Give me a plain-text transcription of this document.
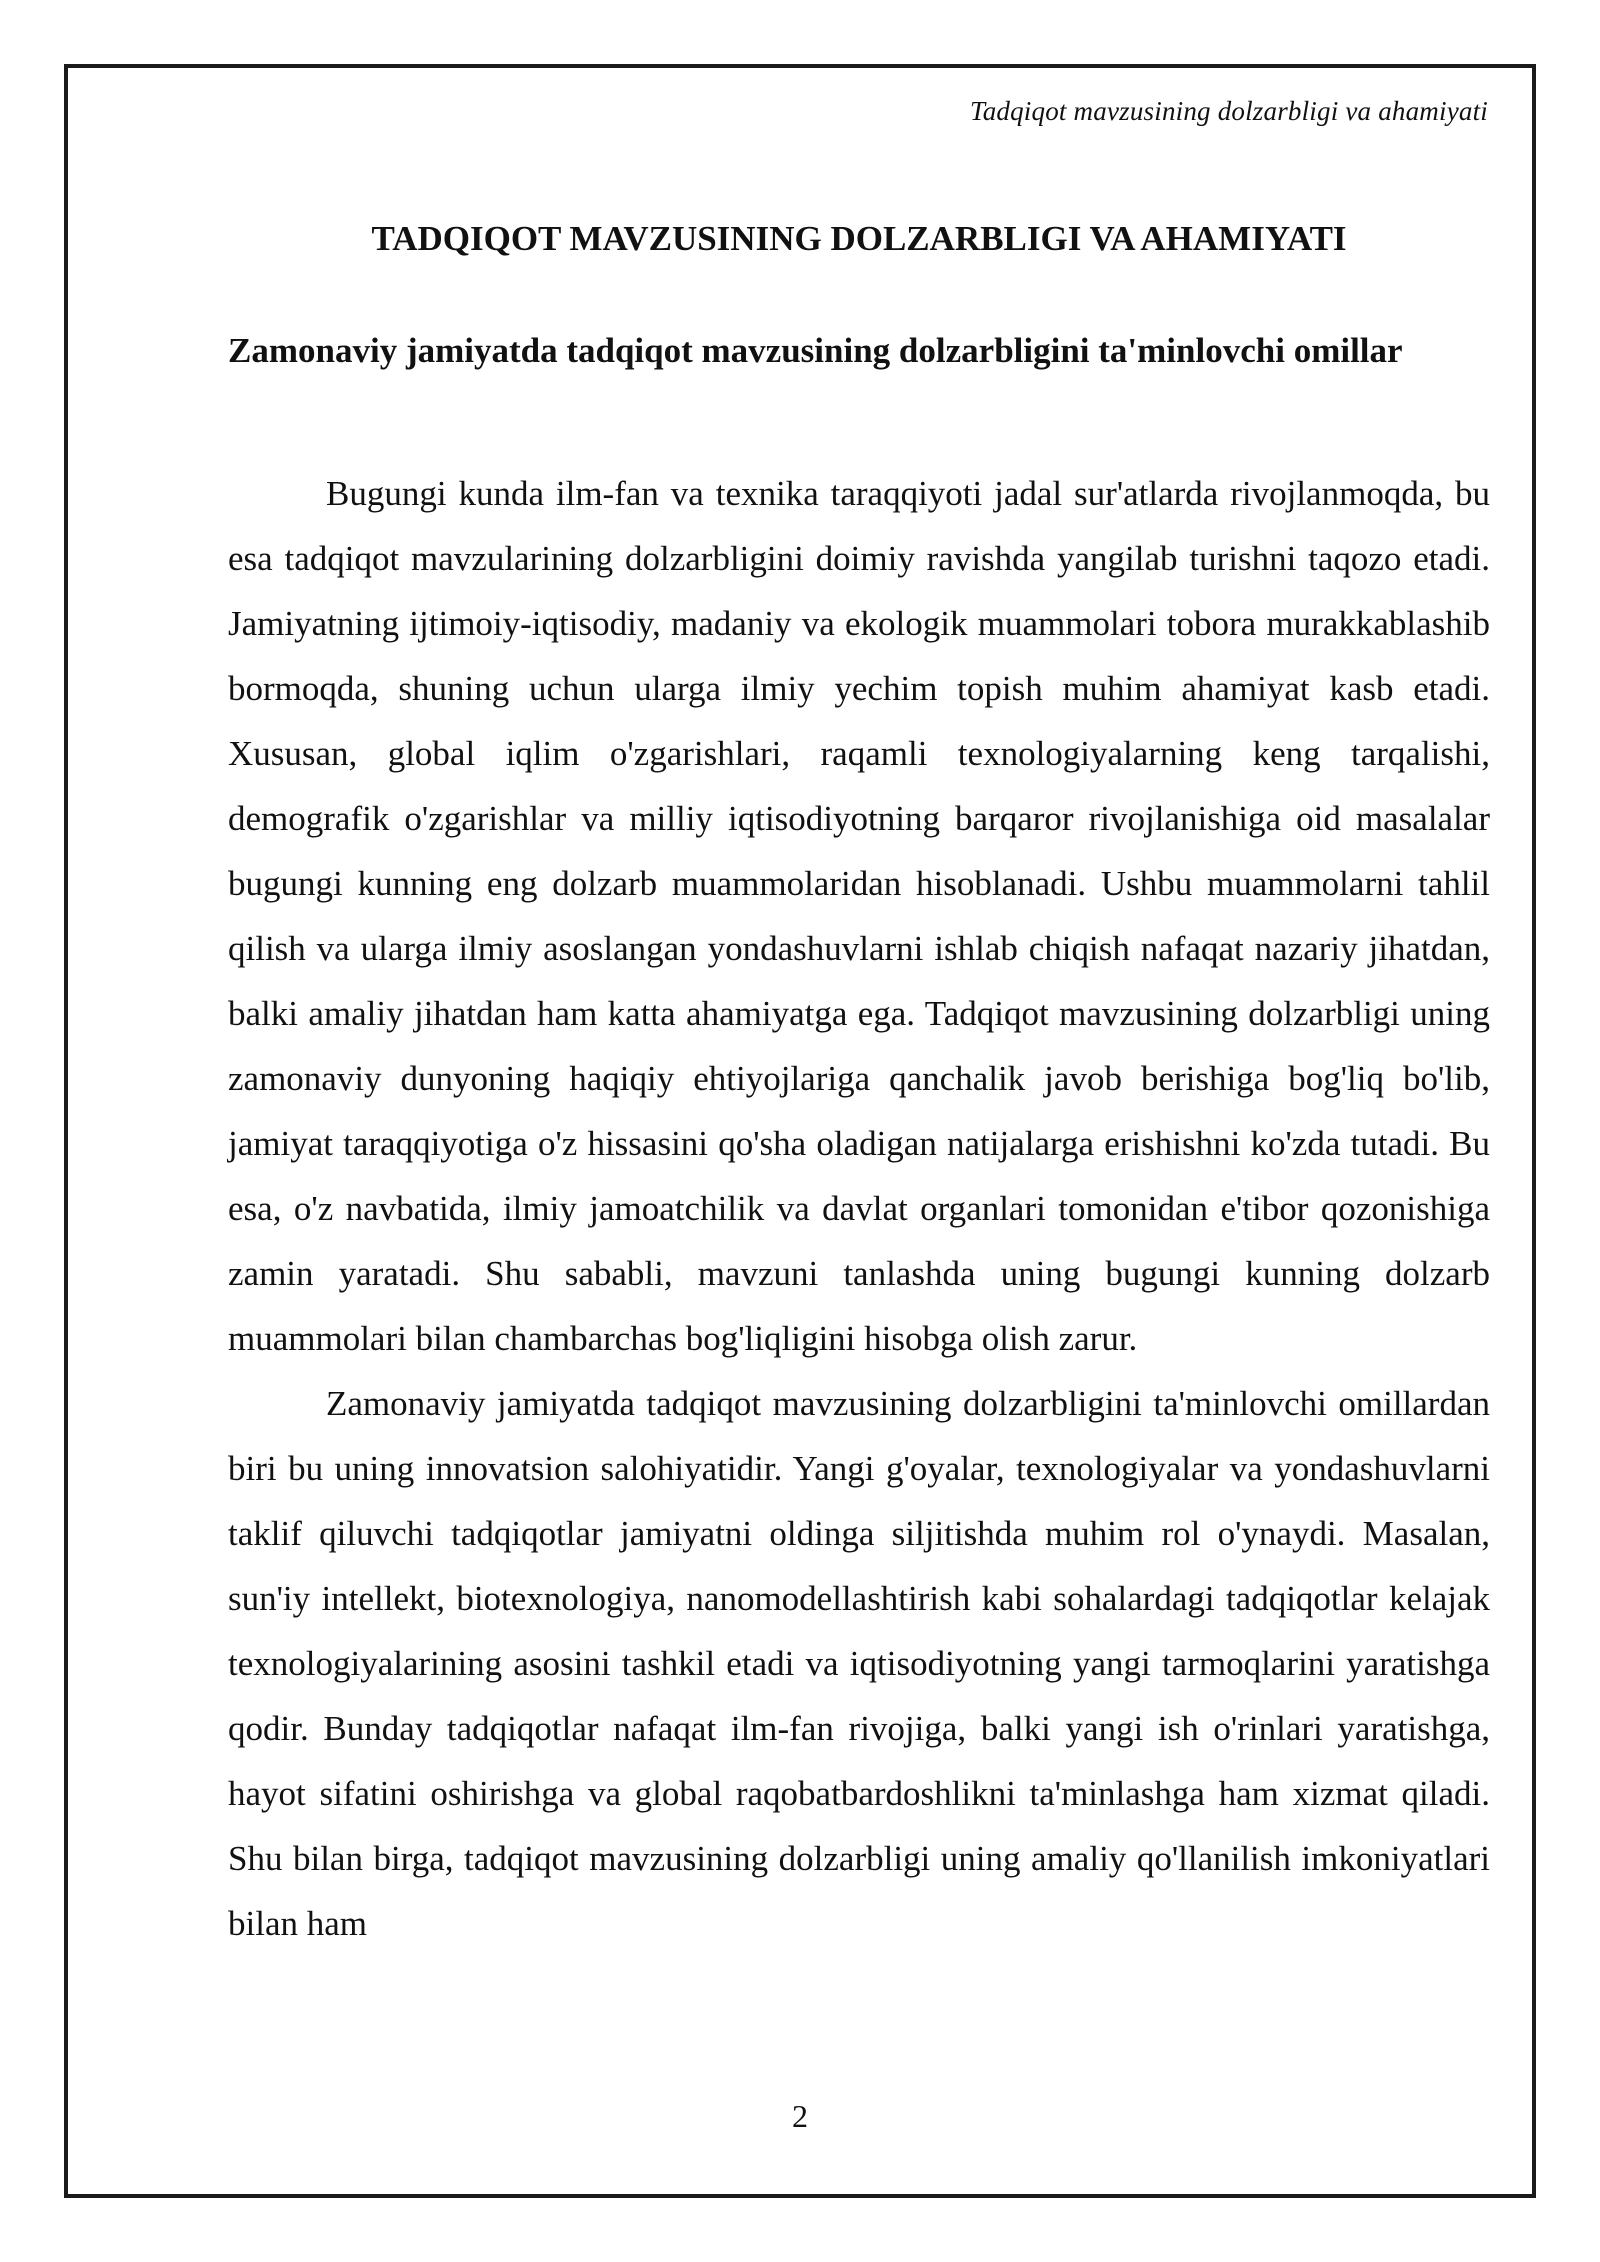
Tadqiqot mavzusining dolzarbligi va ahamiyati
TADQIQOT MAVZUSINING DOLZARBLIGI VA AHAMIYATI
Zamonaviy jamiyatda tadqiqot mavzusining dolzarbligini ta'minlovchi omillar

Bugungi kunda ilm-fan va texnika taraqqiyoti jadal sur'atlarda rivojlanmoqda, bu esa tadqiqot mavzularining dolzarbligini doimiy ravishda yangilab turishni taqozo etadi. Jamiyatning ijtimoiy-iqtisodiy, madaniy va ekologik muammolari tobora murakkablashib bormoqda, shuning uchun ularga ilmiy yechim topish muhim ahamiyat kasb etadi. Xususan, global iqlim o'zgarishlari, raqamli texnologiyalarning keng tarqalishi, demografik o'zgarishlar va milliy iqtisodiyotning barqaror rivojlanishiga oid masalalar bugungi kunning eng dolzarb muammolaridan hisoblanadi. Ushbu muammolarni tahlil qilish va ularga ilmiy asoslangan yondashuvlarni ishlab chiqish nafaqat nazariy jihatdan, balki amaliy jihatdan ham katta ahamiyatga ega. Tadqiqot mavzusining dolzarbligi uning zamonaviy dunyoning haqiqiy ehtiyojlariga qanchalik javob berishiga bog'liq bo'lib, jamiyat taraqqiyotiga o'z hissasini qo'sha oladigan natijalarga erishishni ko'zda tutadi. Bu esa, o'z navbatida, ilmiy jamoatchilik va davlat organlari tomonidan e'tibor qozonishiga zamin yaratadi. Shu sababli, mavzuni tanlashda uning bugungi kunning dolzarb muammolari bilan chambarchas bog'liqligini hisobga olish zarur.

Zamonaviy jamiyatda tadqiqot mavzusining dolzarbligini ta'minlovchi omillardan biri bu uning innovatsion salohiyatidir. Yangi g'oyalar, texnologiyalar va yondashuvlarni taklif qiluvchi tadqiqotlar jamiyatni oldinga siljitishda muhim rol o'ynaydi. Masalan, sun'iy intellekt, biotexnologiya, nanomodellashtirish kabi sohalardagi tadqiqotlar kelajak texnologiyalarining asosini tashkil etadi va iqtisodiyotning yangi tarmoqlarini yaratishga qodir. Bunday tadqiqotlar nafaqat ilm-fan rivojiga, balki yangi ish o'rinlari yaratishga, hayot sifatini oshirishga va global raqobatbardoshlikni ta'minlashga ham xizmat qiladi. Shu bilan birga, tadqiqot mavzusining dolzarbligi uning amaliy qo'llanilish imkoniyatlari bilan ham

2
